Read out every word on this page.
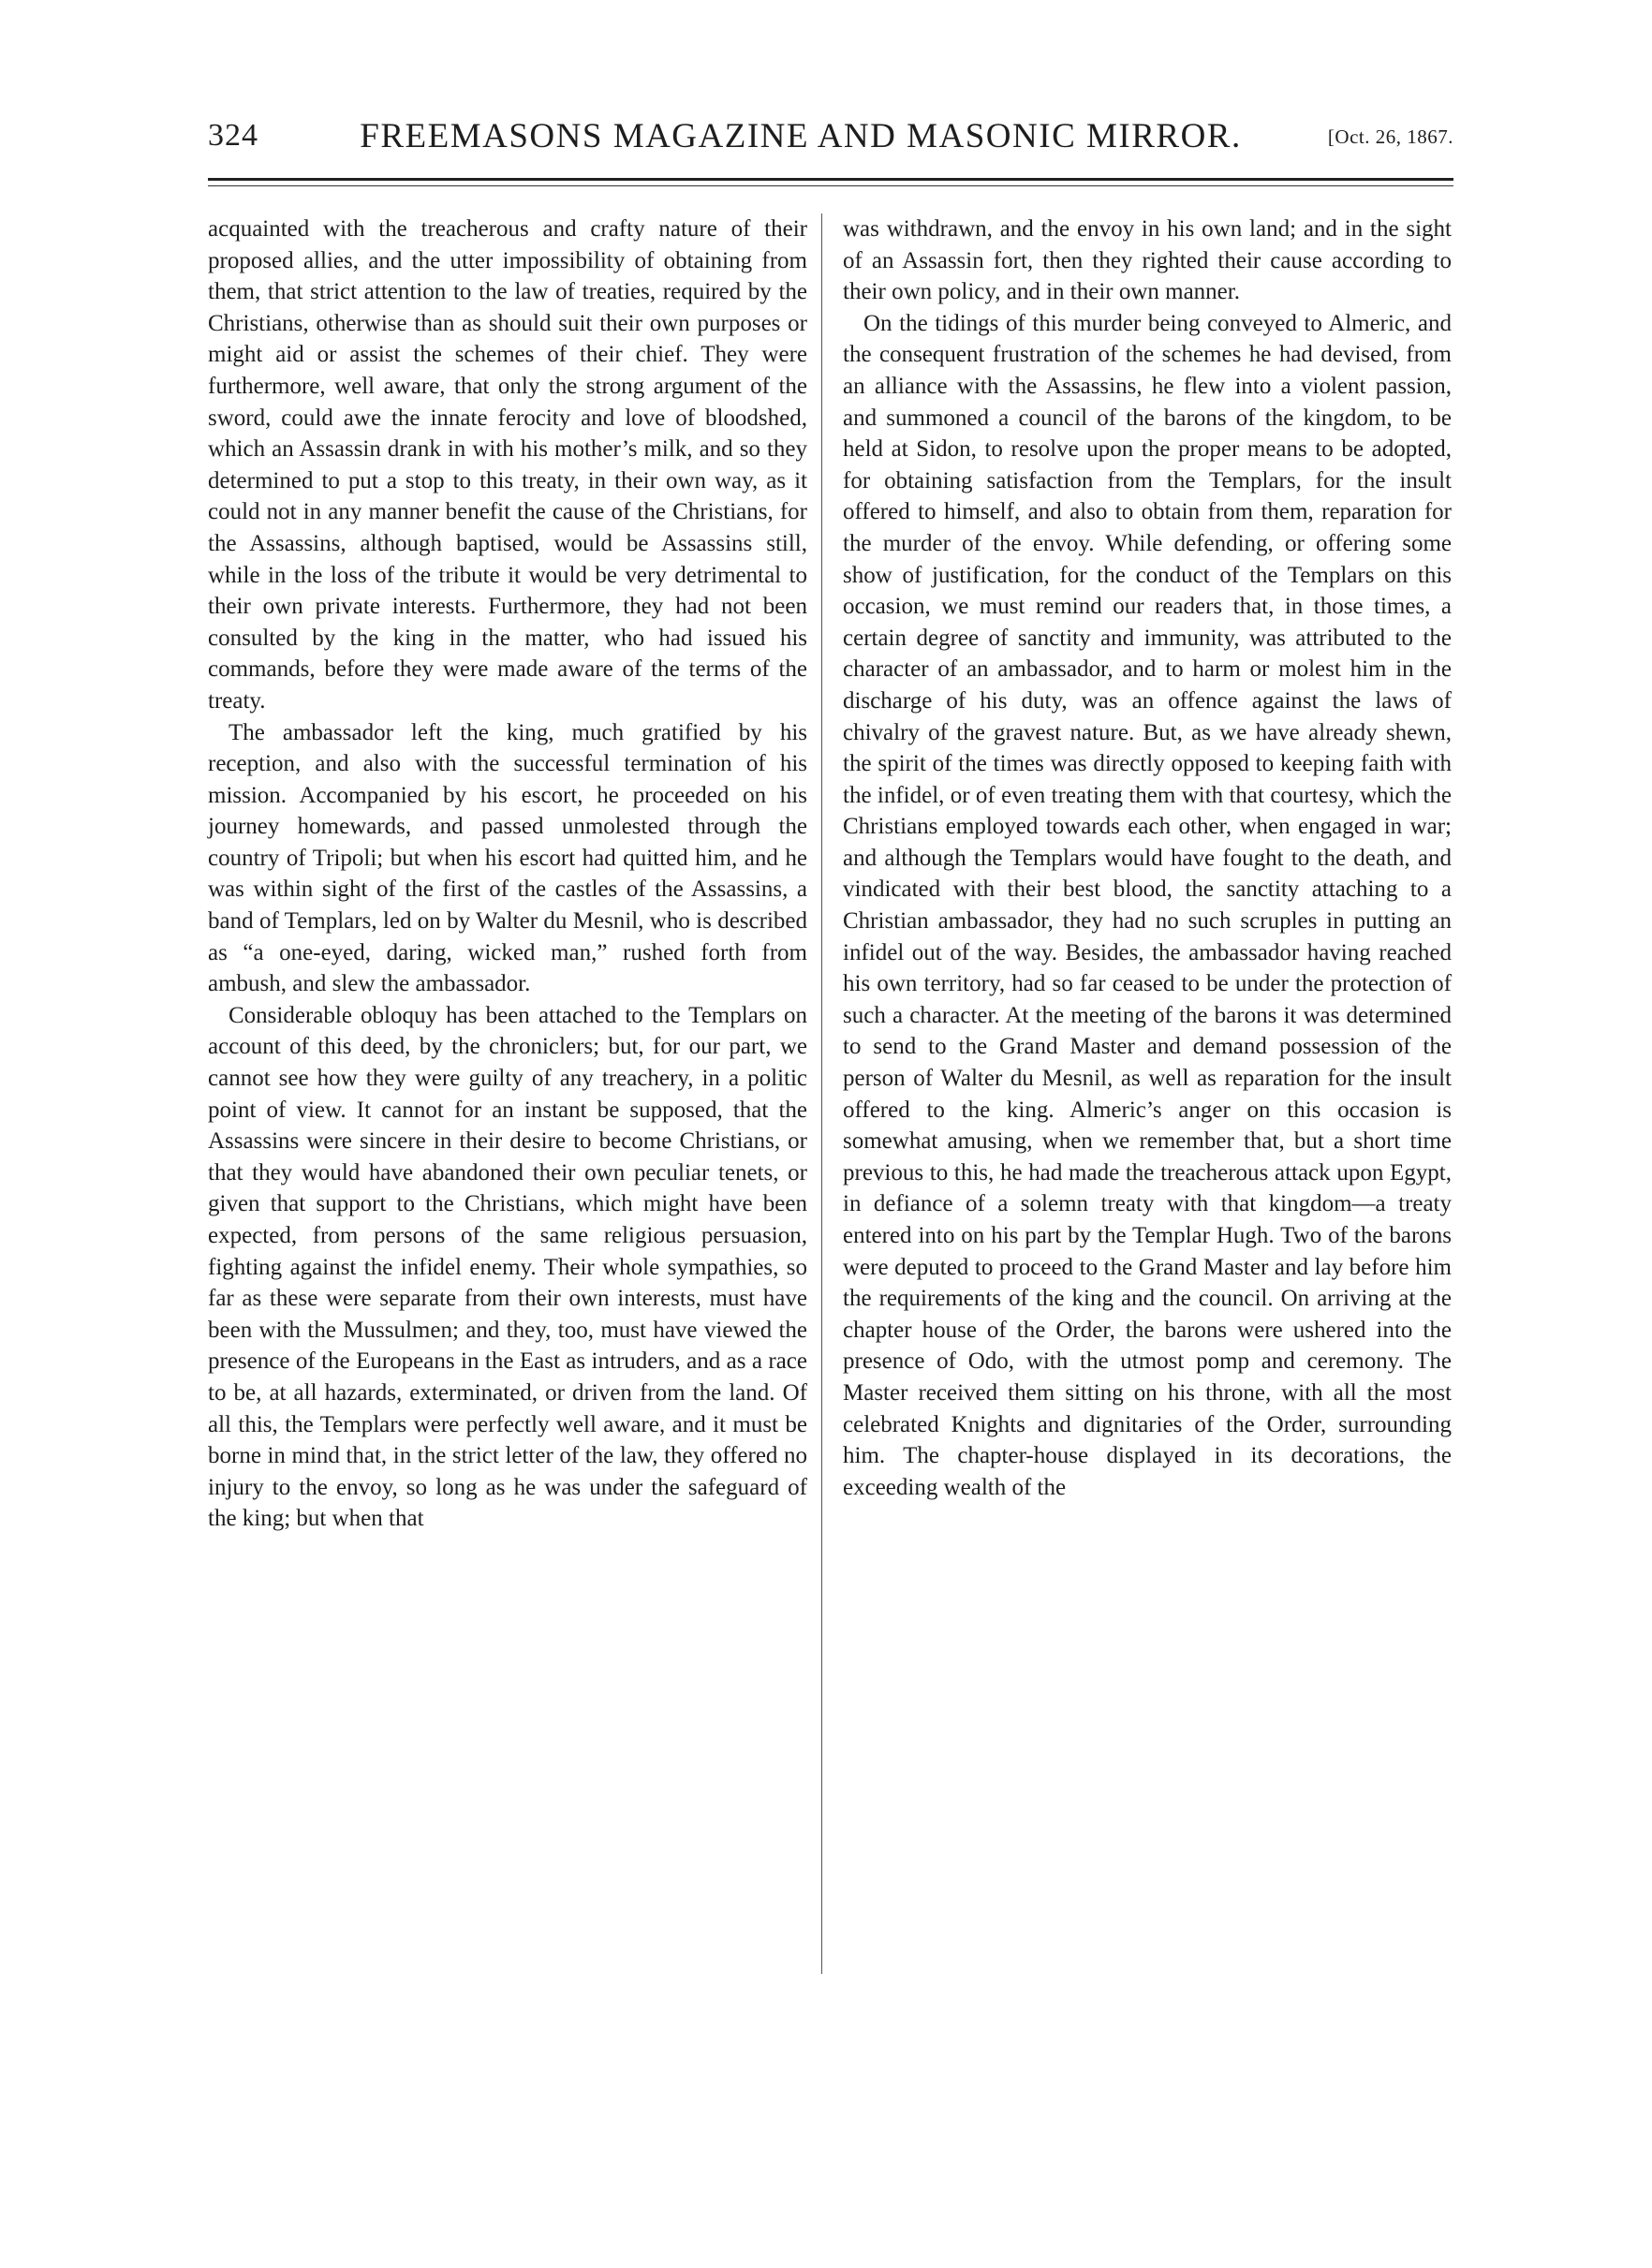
324	FREEMASONS MAGAZINE AND MASONIC MIRROR.	[Oct. 26, 1867.

acquainted with the treacherous and crafty nature of their proposed allies, and the utter impossibility of obtaining from them, that strict attention to the law of treaties, required by the Christians, otherwise than as should suit their own purposes or might aid or assist the schemes of their chief. They were furthermore, well aware, that only the strong argument of the sword, could awe the innate ferocity and love of bloodshed, which an Assassin drank in with his mother’s milk, and so they determined to put a stop to this treaty, in their own way, as it could not in any manner benefit the cause of the Christians, for the Assassins, although baptised, would be Assassins still, while in the loss of the tribute it would be very detrimental to their own private interests. Furthermore, they had not been consulted by the king in the matter, who had issued his commands, before they were made aware of the terms of the treaty.

The ambassador left the king, much gratified by his reception, and also with the successful termination of his mission. Accompanied by his escort, he proceeded on his journey homewards, and passed unmolested through the country of Tripoli; but when his escort had quitted him, and he was within sight of the first of the castles of the Assassins, a band of Templars, led on by Walter du Mesnil, who is described as “a one-eyed, daring, wicked man,” rushed forth from ambush, and slew the ambassador.

Considerable obloquy has been attached to the Templars on account of this deed, by the chroniclers; but, for our part, we cannot see how they were guilty of any treachery, in a politic point of view. It cannot for an instant be supposed, that the Assassins were sincere in their desire to become Christians, or that they would have abandoned their own peculiar tenets, or given that support to the Christians, which might have been expected, from persons of the same religious persuasion, fighting against the infidel enemy. Their whole sympathies, so far as these were separate from their own interests, must have been with the Mussulmen; and they, too, must have viewed the presence of the Europeans in the East as intruders, and as a race to be, at all hazards, exterminated, or driven from the land. Of all this, the Templars were perfectly well aware, and it must be borne in mind that, in the strict letter of the law, they offered no injury to the envoy, so long as he was under the safeguard of the king; but when that

was withdrawn, and the envoy in his own land; and in the sight of an Assassin fort, then they righted their cause according to their own policy, and in their own manner.

On the tidings of this murder being conveyed to Almeric, and the consequent frustration of the schemes he had devised, from an alliance with the Assassins, he flew into a violent passion, and summoned a council of the barons of the kingdom, to be held at Sidon, to resolve upon the proper means to be adopted, for obtaining satisfaction from the Templars, for the insult offered to himself, and also to obtain from them, reparation for the murder of the envoy. While defending, or offering some show of justification, for the conduct of the Templars on this occasion, we must remind our readers that, in those times, a certain degree of sanctity and immunity, was attributed to the character of an ambassador, and to harm or molest him in the discharge of his duty, was an offence against the laws of chivalry of the gravest nature. But, as we have already shewn, the spirit of the times was directly opposed to keeping faith with the infidel, or of even treating them with that courtesy, which the Christians employed towards each other, when engaged in war; and although the Templars would have fought to the death, and vindicated with their best blood, the sanctity attaching to a Christian ambassador, they had no such scruples in putting an infidel out of the way. Besides, the ambassador having reached his own territory, had so far ceased to be under the protection of such a character. At the meeting of the barons it was determined to send to the Grand Master and demand possession of the person of Walter du Mesnil, as well as reparation for the insult offered to the king. Almeric’s anger on this occasion is somewhat amusing, when we remember that, but a short time previous to this, he had made the treacherous attack upon Egypt, in defiance of a solemn treaty with that kingdom—a treaty entered into on his part by the Templar Hugh. Two of the barons were deputed to proceed to the Grand Master and lay before him the requirements of the king and the council. On arriving at the chapter house of the Order, the barons were ushered into the presence of Odo, with the utmost pomp and ceremony. The Master received them sitting on his throne, with all the most celebrated Knights and dignitaries of the Order, surrounding him. The chapter-house displayed in its decorations, the exceeding wealth of the
